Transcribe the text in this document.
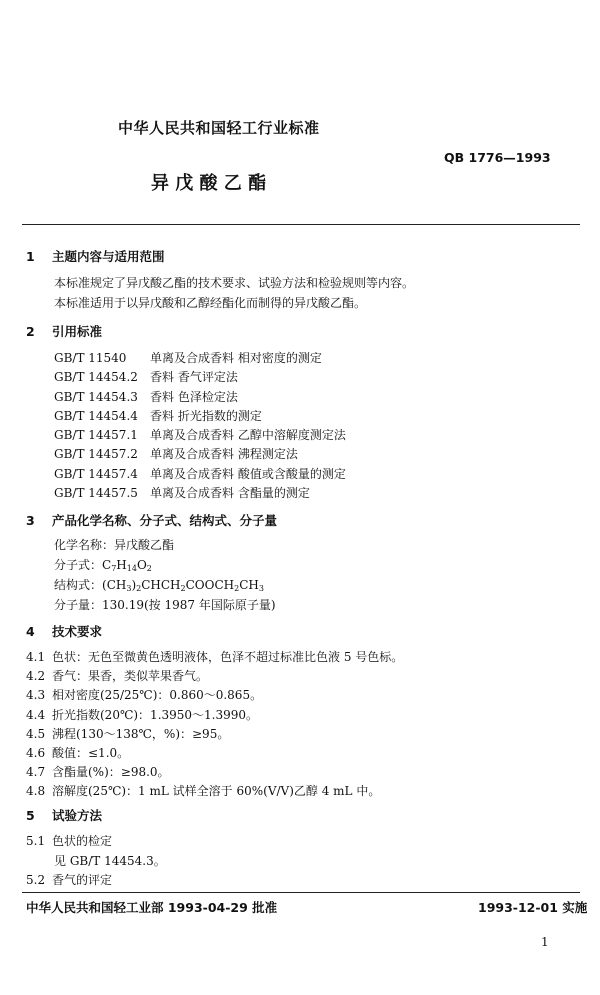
中华人民共和国轻工行业标准
QB 1776—1993
异 戊 酸 乙 酯
1 主题内容与适用范围
本标准规定了异戊酸乙酯的技术要求、试验方法和检验规则等内容。
本标准适用于以异戊酸和乙醇经酯化而制得的异戊酸乙酯。
2 引用标准
GB/T 11540 单离及合成香料 相对密度的测定
GB/T 14454.2 香料 香气评定法
GB/T 14454.3 香料 色泽检定法
GB/T 14454.4 香料 折光指数的测定
GB/T 14457.1 单离及合成香料 乙醇中溶解度测定法
GB/T 14457.2 单离及合成香料 沸程测定法
GB/T 14457.4 单离及合成香料 酸值或含酸量的测定
GB/T 14457.5 单离及合成香料 含酯量的测定
3 产品化学名称、分子式、结构式、分子量
化学名称：异戊酸乙酯
分子式：$C_7H_{14}O_2$
结构式：$(CH_3)_2CHCH_2COOCH_2CH_3$
分子量：130.19(按 1987 年国际原子量)
4 技术要求
4.1 色状：无色至微黄色透明液体，色泽不超过标准比色液 5 号色标。
4.2 香气：果香，类似苹果香气。
4.3 相对密度(25/25℃)：0.860～0.865。
4.4 折光指数(20℃)：1.3950～1.3990。
4.5 沸程(130～138℃，%)：≥95。
4.6 酸值：≤1.0。
4.7 含酯量(%)：≥98.0。
4.8 溶解度(25℃)：1 mL 试样全溶于 60%(V/V)乙醇 4 mL 中。
5 试验方法
5.1 色状的检定
见 GB/T 14454.3。
5.2 香气的评定
中华人民共和国轻工业部 1993-04-29 批准	1993-12-01 实施
1
